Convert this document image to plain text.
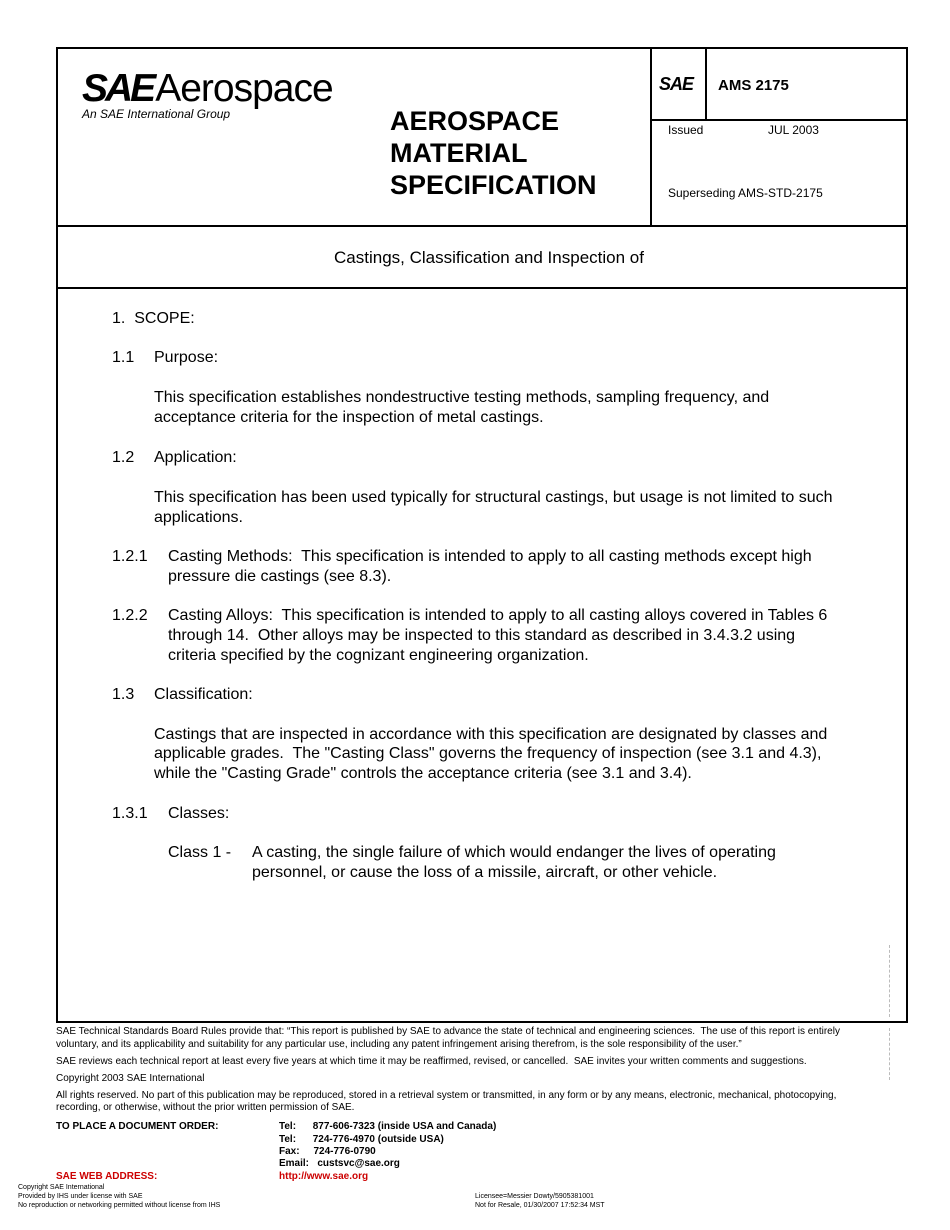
SAEAerospace
An SAE International Group	AEROSPACE
MATERIAL
SPECIFICATION
SAE AMS 2175
Issued	JUL 2003
Superseding AMS-STD-2175
Castings, Classification and Inspection of
1.  SCOPE:
1.1 Purpose:
This specification establishes nondestructive testing methods, sampling frequency, and
acceptance criteria for the inspection of metal castings.
1.2 Application:
This specification has been used typically for structural castings, but usage is not limited to such
applications.
1.2.1 Casting Methods:  This specification is intended to apply to all casting methods except high
pressure die castings (see 8.3).
1.2.2 Casting Alloys:  This specification is intended to apply to all casting alloys covered in Tables 6
through 14.  Other alloys may be inspected to this standard as described in 3.4.3.2 using
criteria specified by the cognizant engineering organization.
1.3 Classification:
Castings that are inspected in accordance with this specification are designated by classes and
applicable grades.  The "Casting Class" governs the frequency of inspection (see 3.1 and 4.3),
while the "Casting Grade" controls the acceptance criteria (see 3.1 and 3.4).
1.3.1 Classes:
Class 1 - A casting, the single failure of which would endanger the lives of operating
personnel, or cause the loss of a missile, aircraft, or other vehicle.
SAE Technical Standards Board Rules provide that: “This report is published by SAE to advance the state of technical and engineering sciences.  The use of this report is entirely
voluntary, and its applicability and suitability for any particular use, including any patent infringement arising therefrom, is the sole responsibility of the user.”
SAE reviews each technical report at least every five years at which time it may be reaffirmed, revised, or cancelled.  SAE invites your written comments and suggestions.
Copyright 2003 SAE International
All rights reserved. No part of this publication may be reproduced, stored in a retrieval system or transmitted, in any form or by any means, electronic, mechanical, photocopying,
recording, or otherwise, without the prior written permission of SAE.
TO PLACE A DOCUMENT ORDER:	Tel:      877-606-7323 (inside USA and Canada)
Tel:      724-776-4970 (outside USA)
Fax:     724-776-0790
Email:   custsvc@sae.org
SAE WEB ADDRESS:	http://www.sae.org
Copyright SAE International
Provided by IHS under license with SAE
No reproduction or networking permitted without license from IHS
Licensee=Messier Dowty/5905381001
Not for Resale, 01/30/2007 17:52:34 MST
